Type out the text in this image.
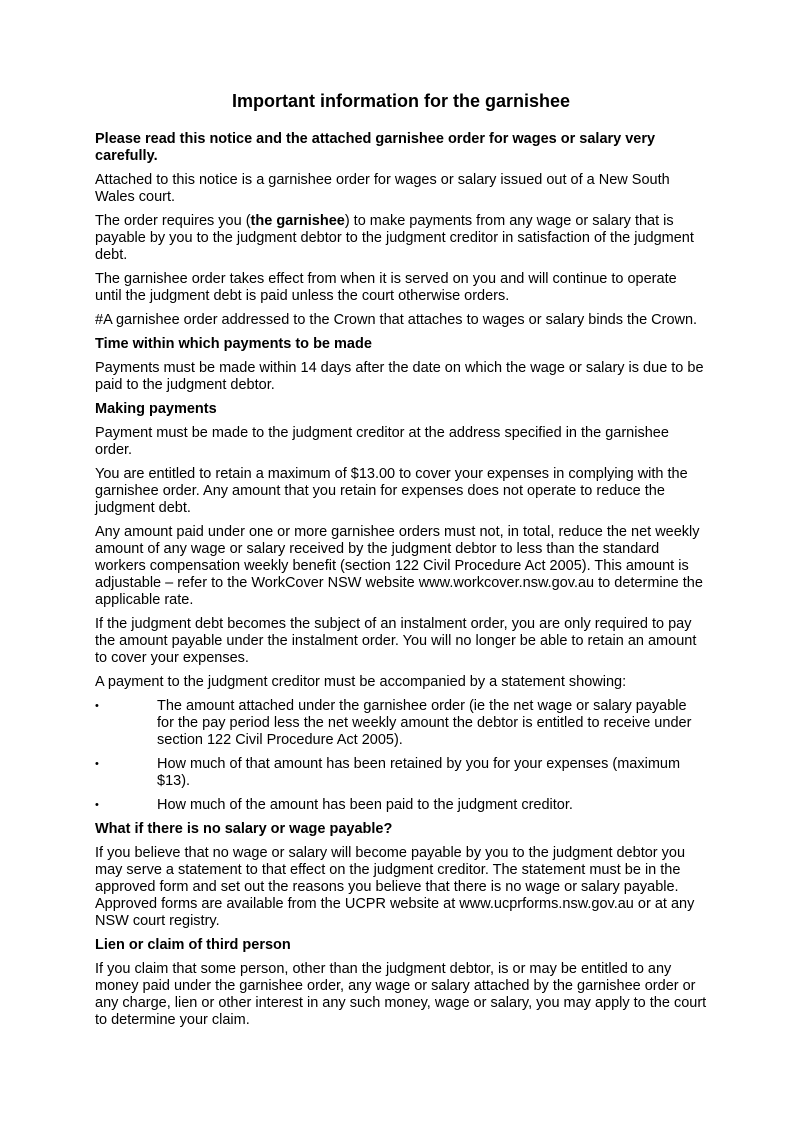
Important information for the garnishee

Please read this notice and the attached garnishee order for wages or salary very carefully.

Attached to this notice is a garnishee order for wages or salary issued out of a New South Wales court.

The order requires you (the garnishee) to make payments from any wage or salary that is payable by you to the judgment debtor to the judgment creditor in satisfaction of the judgment debt.

The garnishee order takes effect from when it is served on you and will continue to operate until the judgment debt is paid unless the court otherwise orders.

#A garnishee order addressed to the Crown that attaches to wages or salary binds the Crown.

Time within which payments to be made

Payments must be made within 14 days after the date on which the wage or salary is due to be paid to the judgment debtor.

Making payments

Payment must be made to the judgment creditor at the address specified in the garnishee order.

You are entitled to retain a maximum of $13.00 to cover your expenses in complying with the garnishee order. Any amount that you retain for expenses does not operate to reduce the judgment debt.

Any amount paid under one or more garnishee orders must not, in total, reduce the net weekly amount of any wage or salary received by the judgment debtor to less than the standard workers compensation weekly benefit (section 122 Civil Procedure Act 2005). This amount is adjustable – refer to the WorkCover NSW website www.workcover.nsw.gov.au to determine the applicable rate.

If the judgment debt becomes the subject of an instalment order, you are only required to pay the amount payable under the instalment order. You will no longer be able to retain an amount to cover your expenses.

A payment to the judgment creditor must be accompanied by a statement showing:

•	The amount attached under the garnishee order (ie the net wage or salary payable for the pay period less the net weekly amount the debtor is entitled to receive under section 122 Civil Procedure Act 2005).
•	How much of that amount has been retained by you for your expenses (maximum $13).
•	How much of the amount has been paid to the judgment creditor.
What if there is no salary or wage payable?

If you believe that no wage or salary will become payable by you to the judgment debtor you may serve a statement to that effect on the judgment creditor. The statement must be in the approved form and set out the reasons you believe that there is no wage or salary payable. Approved forms are available from the UCPR website at www.ucprforms.nsw.gov.au or at any NSW court registry.

Lien or claim of third person

If you claim that some person, other than the judgment debtor, is or may be entitled to any money paid under the garnishee order, any wage or salary attached by the garnishee order or any charge, lien or other interest in any such money, wage or salary, you may apply to the court to determine your claim.
